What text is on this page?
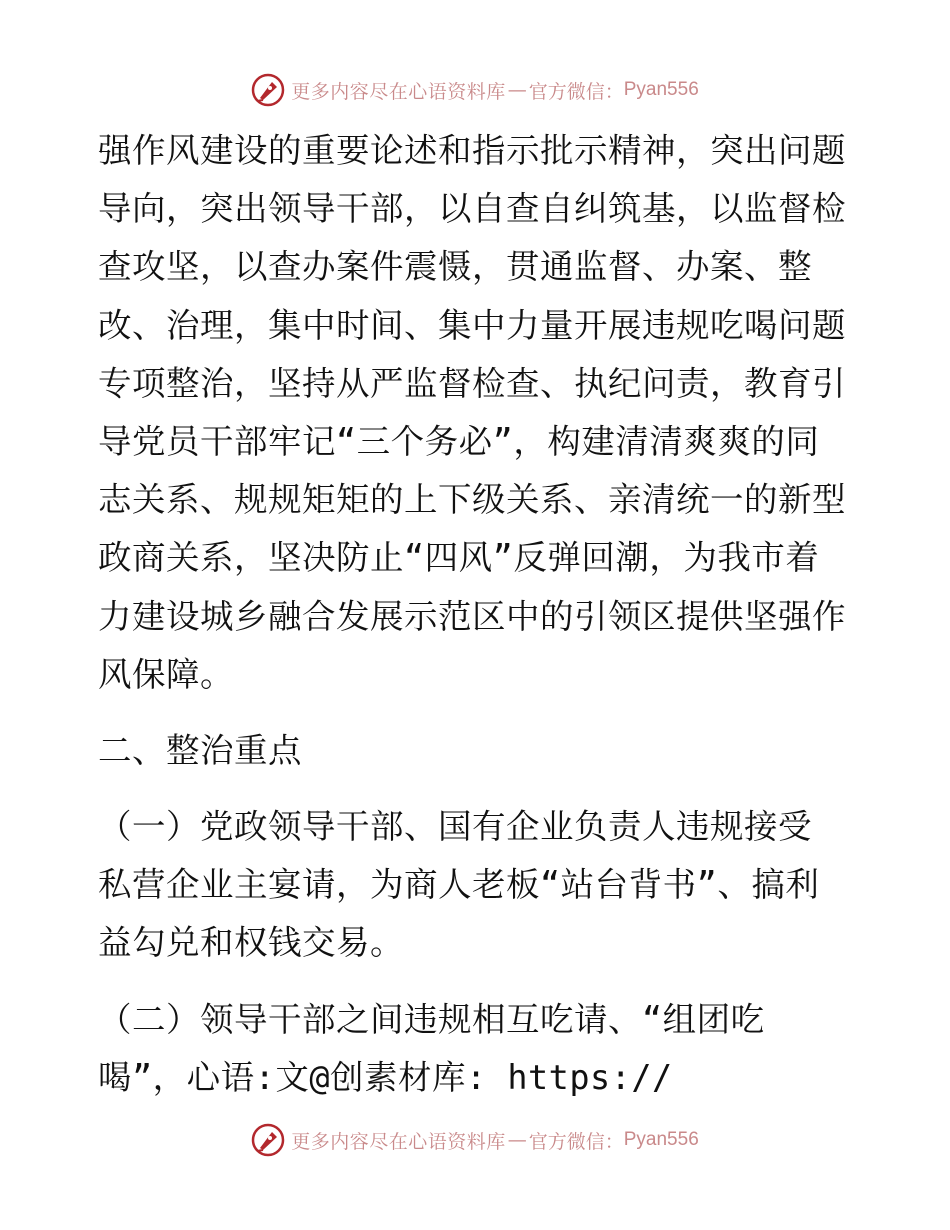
更多内容尽在心语资料库 — 官方微信： Pyan556
强作风建设的重要论述和指示批示精神，突出问题
导向，突出领导干部，以自查自纠筑基，以监督检
查攻坚，以查办案件震慑，贯通监督、办案、整
改、治理，集中时间、集中力量开展违规吃喝问题
专项整治，坚持从严监督检查、执纪问责，教育引
导党员干部牢记“三个务必”，构建清清爽爽的同
志关系、规规矩矩的上下级关系、亲清统一的新型
政商关系，坚决防止“四风”反弹回潮，为我市着
力建设城乡融合发展示范区中的引领区提供坚强作
风保障。
二、整治重点
（一）党政领导干部、国有企业负责人违规接受
私营企业主宴请，为商人老板“站台背书”、搞利
益勾兑和权钱交易。
（二）领导干部之间违规相互吃请、“组团吃
喝”，心语:文@创素材库: https://
更多内容尽在心语资料库 — 官方微信： Pyan556
